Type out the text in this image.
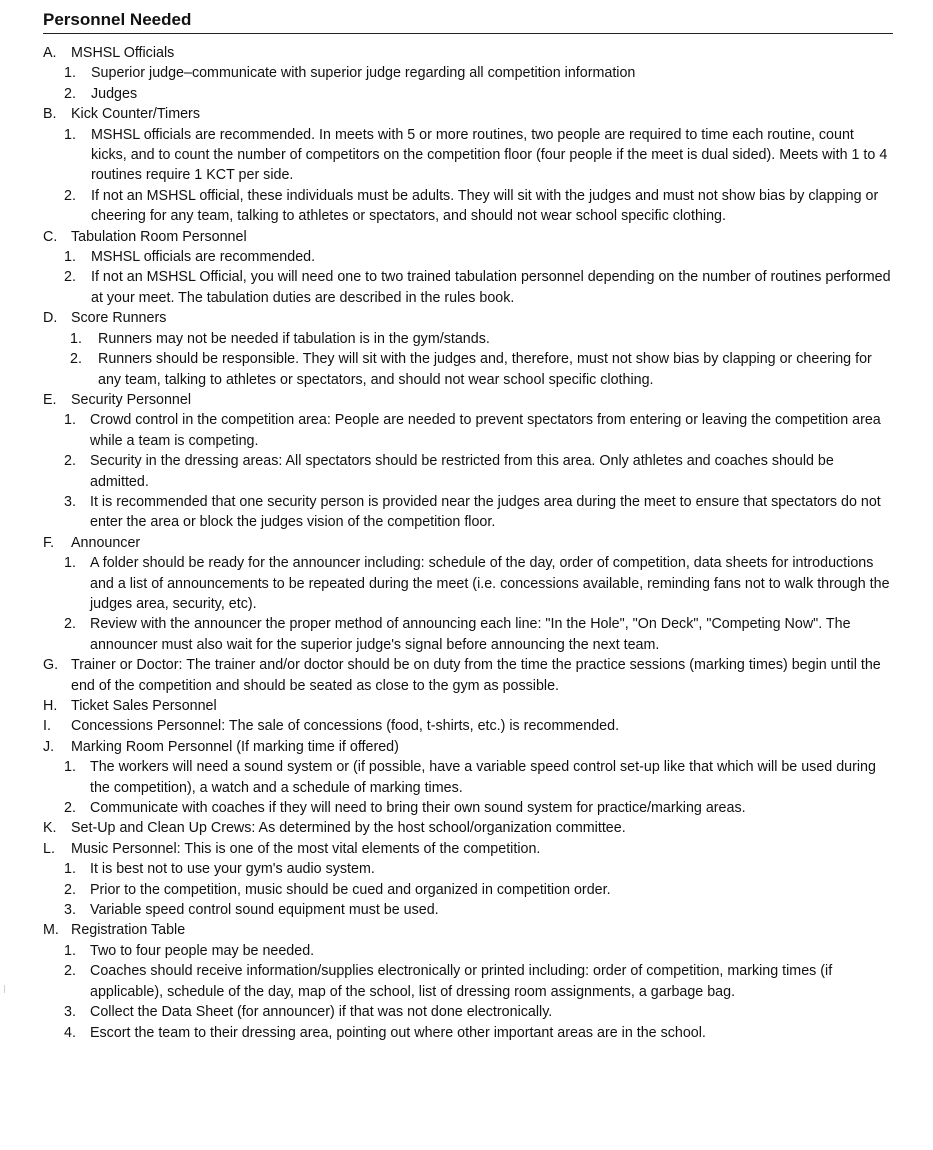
Personnel Needed
A. MSHSL Officials
1. Superior judge–communicate with superior judge regarding all competition information
2. Judges
B. Kick Counter/Timers
1. MSHSL officials are recommended. In meets with 5 or more routines, two people are required to time each routine, count kicks, and to count the number of competitors on the competition floor (four people if the meet is dual sided). Meets with 1 to 4 routines require 1 KCT per side.
2. If not an MSHSL official, these individuals must be adults. They will sit with the judges and must not show bias by clapping or cheering for any team, talking to athletes or spectators, and should not wear school specific clothing.
C. Tabulation Room Personnel
1. MSHSL officials are recommended.
2. If not an MSHSL Official, you will need one to two trained tabulation personnel depending on the number of routines performed at your meet. The tabulation duties are described in the rules book.
D. Score Runners
1. Runners may not be needed if tabulation is in the gym/stands.
2. Runners should be responsible. They will sit with the judges and, therefore, must not show bias by clapping or cheering for any team, talking to athletes or spectators, and should not wear school specific clothing.
E. Security Personnel
1. Crowd control in the competition area: People are needed to prevent spectators from entering or leaving the competition area while a team is competing.
2. Security in the dressing areas: All spectators should be restricted from this area. Only athletes and coaches should be admitted.
3. It is recommended that one security person is provided near the judges area during the meet to ensure that spectators do not enter the area or block the judges vision of the competition floor.
F. Announcer
1. A folder should be ready for the announcer including: schedule of the day, order of competition, data sheets for introductions and a list of announcements to be repeated during the meet (i.e. concessions available, reminding fans not to walk through the judges area, security, etc).
2. Review with the announcer the proper method of announcing each line: "In the Hole", "On Deck", "Competing Now". The announcer must also wait for the superior judge's signal before announcing the next team.
G. Trainer or Doctor: The trainer and/or doctor should be on duty from the time the practice sessions (marking times) begin until the end of the competition and should be seated as close to the gym as possible.
H. Ticket Sales Personnel
I. Concessions Personnel: The sale of concessions (food, t-shirts, etc.) is recommended.
J. Marking Room Personnel (If marking time if offered)
1. The workers will need a sound system or (if possible, have a variable speed control set-up like that which will be used during the competition), a watch and a schedule of marking times.
2. Communicate with coaches if they will need to bring their own sound system for practice/marking areas.
K. Set-Up and Clean Up Crews: As determined by the host school/organization committee.
L. Music Personnel: This is one of the most vital elements of the competition.
1. It is best not to use your gym's audio system.
2. Prior to the competition, music should be cued and organized in competition order.
3. Variable speed control sound equipment must be used.
M. Registration Table
1. Two to four people may be needed.
2. Coaches should receive information/supplies electronically or printed including: order of competition, marking times (if applicable), schedule of the day, map of the school, list of dressing room assignments, a garbage bag.
3. Collect the Data Sheet (for announcer) if that was not done electronically.
4. Escort the team to their dressing area, pointing out where other important areas are in the school.
